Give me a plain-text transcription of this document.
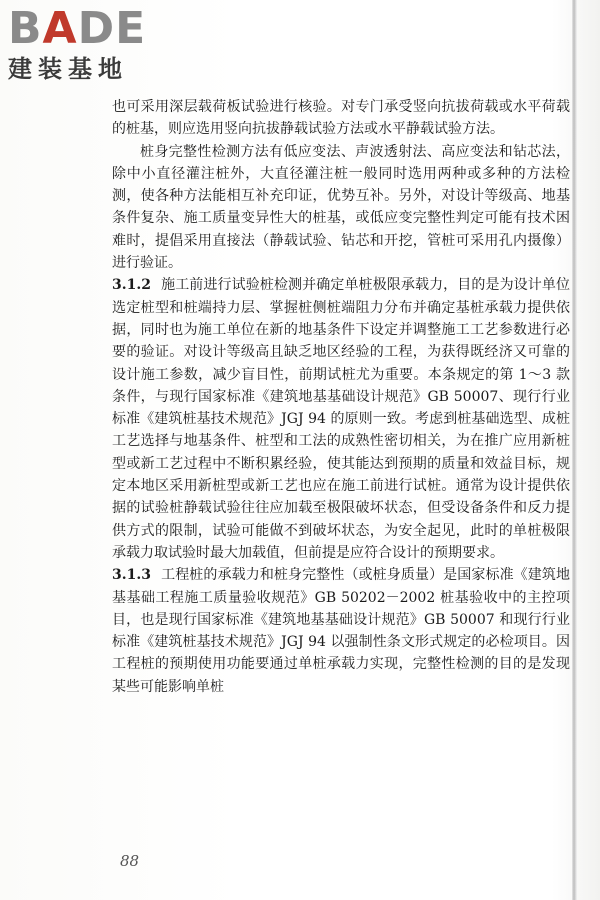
BADE
建装基地

也可采用深层载荷板试验进行核验。对专门承受竖向抗拔荷载或水平荷载的桩基，则应选用竖向抗拔静载试验方法或水平静载试验方法。

桩身完整性检测方法有低应变法、声波透射法、高应变法和钻芯法，除中小直径灌注桩外，大直径灌注桩一般同时选用两种或多种的方法检测，使各种方法能相互补充印证，优势互补。另外，对设计等级高、地基条件复杂、施工质量变异性大的桩基，或低应变完整性判定可能有技术困难时，提倡采用直接法（静载试验、钻芯和开挖，管桩可采用孔内摄像）进行验证。

3.1.2 施工前进行试验桩检测并确定单桩极限承载力，目的是为设计单位选定桩型和桩端持力层、掌握桩侧桩端阻力分布并确定基桩承载力提供依据，同时也为施工单位在新的地基条件下设定并调整施工工艺参数进行必要的验证。对设计等级高且缺乏地区经验的工程，为获得既经济又可靠的设计施工参数，减少盲目性，前期试桩尤为重要。本条规定的第 1～3 款条件，与现行国家标准《建筑地基基础设计规范》GB 50007、现行行业标准《建筑桩基技术规范》JGJ 94 的原则一致。考虑到桩基础选型、成桩工艺选择与地基条件、桩型和工法的成熟性密切相关，为在推广应用新桩型或新工艺过程中不断积累经验，使其能达到预期的质量和效益目标，规定本地区采用新桩型或新工艺也应在施工前进行试桩。通常为设计提供依据的试验桩静载试验往往应加载至极限破坏状态，但受设备条件和反力提供方式的限制，试验可能做不到破坏状态，为安全起见，此时的单桩极限承载力取试验时最大加载值，但前提是应符合设计的预期要求。

3.1.3 工程桩的承载力和桩身完整性（或桩身质量）是国家标准《建筑地基基础工程施工质量验收规范》GB 50202－2002 桩基验收中的主控项目，也是现行国家标准《建筑地基基础设计规范》GB 50007 和现行行业标准《建筑桩基技术规范》JGJ 94 以强制性条文形式规定的必检项目。因工程桩的预期使用功能要通过单桩承载力实现，完整性检测的目的是发现某些可能影响单桩

88
